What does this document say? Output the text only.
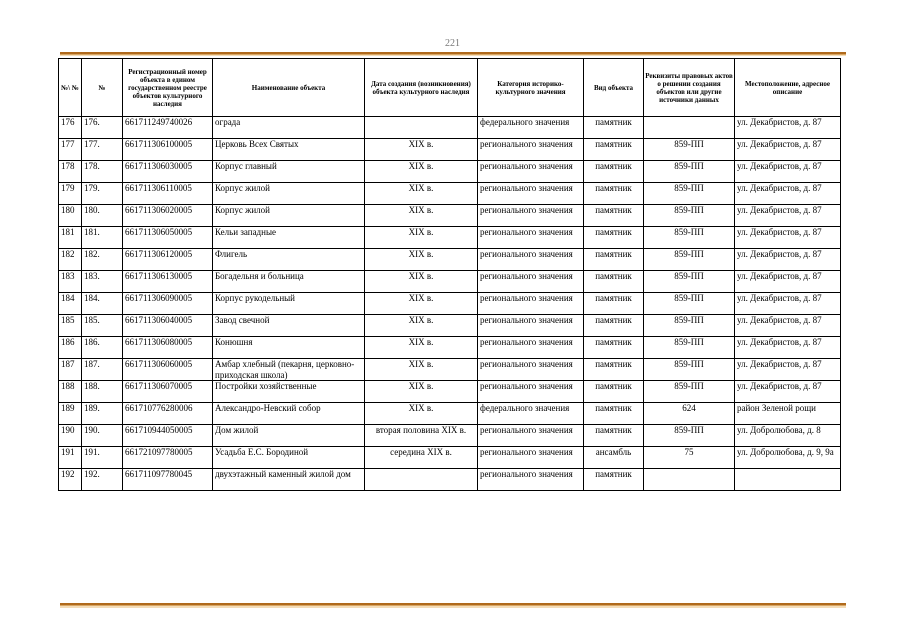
221
№\ №	№	Регистрационный номер объекта в едином государственном реестре объектов культурного наследия	Наименование объекта	Дата создания (возникновения) объекта культурного наследия	Категория историко-культурного значения	Вид объекта	Реквизиты правовых актов о решении создания объектов или другие источники данных	Местоположение, адресное описание
176	176.	661711249740026	ограда		федерального значения	памятник		ул. Декабристов, д. 87
177	177.	661711306100005	Церковь Всех Святых	XIX в.	регионального значения	памятник	859-ПП	ул. Декабристов, д. 87
178	178.	661711306030005	Корпус главный	XIX в.	регионального значения	памятник	859-ПП	ул. Декабристов, д. 87
179	179.	661711306110005	Корпус жилой	XIX в.	регионального значения	памятник	859-ПП	ул. Декабристов, д. 87
180	180.	661711306020005	Корпус жилой	XIX в.	регионального значения	памятник	859-ПП	ул. Декабристов, д. 87
181	181.	661711306050005	Кельи западные	XIX в.	регионального значения	памятник	859-ПП	ул. Декабристов, д. 87
182	182.	661711306120005	Флигель	XIX в.	регионального значения	памятник	859-ПП	ул. Декабристов, д. 87
183	183.	661711306130005	Богадельня и больница	XIX в.	регионального значения	памятник	859-ПП	ул. Декабристов, д. 87
184	184.	661711306090005	Корпус рукодельный	XIX в.	регионального значения	памятник	859-ПП	ул. Декабристов, д. 87
185	185.	661711306040005	Завод свечной	XIX в.	регионального значения	памятник	859-ПП	ул. Декабристов, д. 87
186	186.	661711306080005	Конюшня	XIX в.	регионального значения	памятник	859-ПП	ул. Декабристов, д. 87
187	187.	661711306060005	Амбар хлебный (пекарня, церковно-приходская школа)	XIX в.	регионального значения	памятник	859-ПП	ул. Декабристов, д. 87
188	188.	661711306070005	Постройки хозяйственные	XIX в.	регионального значения	памятник	859-ПП	ул. Декабристов, д. 87
189	189.	661710776280006	Александро-Невский собор	XIX в.	федерального значения	памятник	624	район Зеленой рощи
190	190.	661710944050005	Дом жилой	вторая половина XIX в.	регионального значения	памятник	859-ПП	ул. Добролюбова, д. 8
191	191.	661721097780005	Усадьба Е.С. Бородиной	середина XIX в.	регионального значения	ансамбль	75	ул. Добролюбова, д. 9, 9а
192	192.	661711097780045	двухэтажный каменный жилой дом		регионального значения	памятник		
